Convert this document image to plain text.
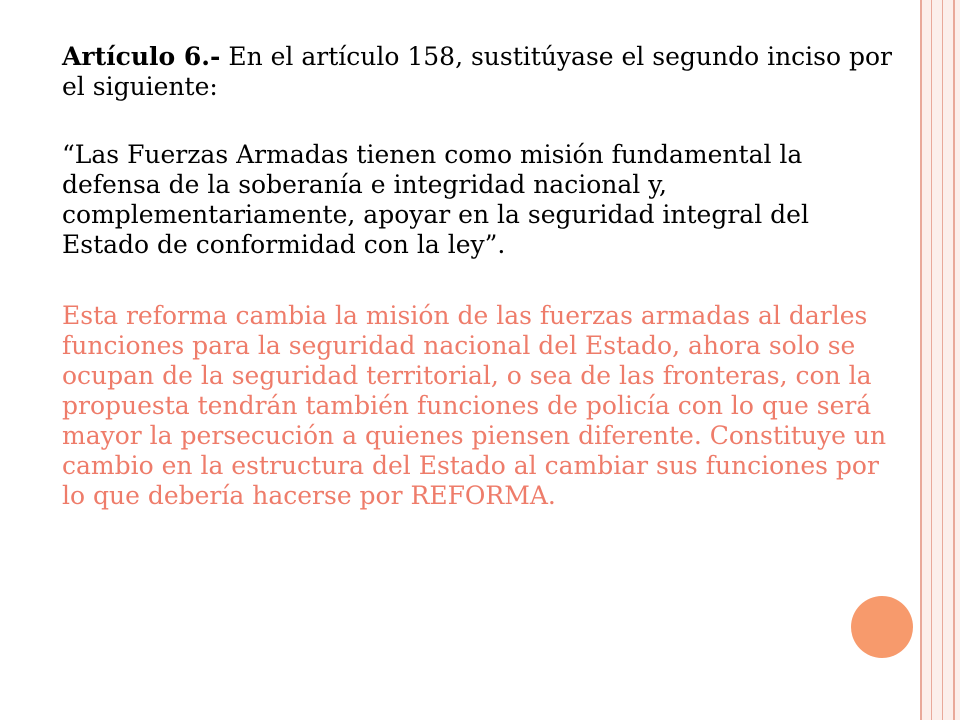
Artículo 6.- En el artículo 158, sustitúyase el segundo inciso por el siguiente:

“Las Fuerzas Armadas tienen como misión fundamental la defensa de la soberanía e integridad nacional y, complementariamente, apoyar en la seguridad integral del Estado de conformidad con la ley”.

Esta reforma cambia la misión de las fuerzas armadas al darles funciones para la seguridad nacional del Estado, ahora solo se ocupan de la seguridad territorial, o sea de las fronteras, con la propuesta tendrán también funciones de policía con lo que será mayor la persecución a quienes piensen diferente. Constituye un cambio en la estructura del Estado al cambiar sus funciones por lo que debería hacerse por REFORMA.
